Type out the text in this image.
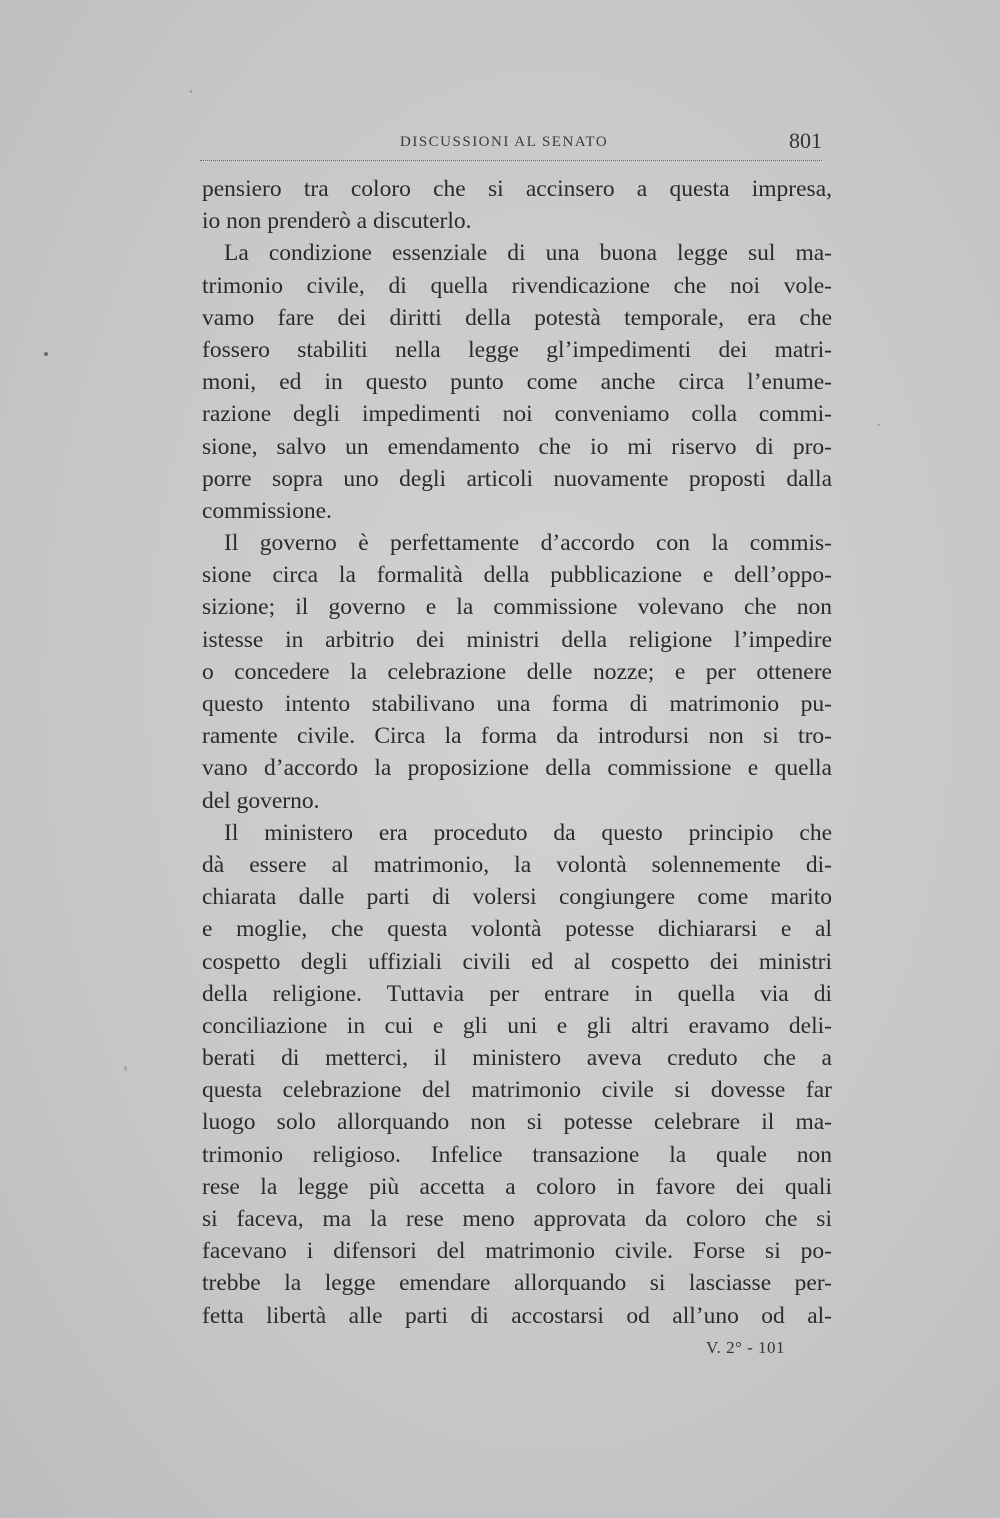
DISCUSSIONI AL SENATO	801
pensiero tra coloro che si accinsero a questa impresa,
io non prenderò a discuterlo.
La condizione essenziale di una buona legge sul ma-
trimonio civile, di quella rivendicazione che noi vole-
vamo fare dei diritti della potestà temporale, era che
fossero stabiliti nella legge gl’impedimenti dei matri-
moni, ed in questo punto come anche circa l’enume-
razione degli impedimenti noi conveniamo colla commi-
sione, salvo un emendamento che io mi riservo di pro-
porre sopra uno degli articoli nuovamente proposti dalla
commissione.
Il governo è perfettamente d’accordo con la commis-
sione circa la formalità della pubblicazione e dell’oppo-
sizione; il governo e la commissione volevano che non
istesse in arbitrio dei ministri della religione l’impedire
o concedere la celebrazione delle nozze; e per ottenere
questo intento stabilivano una forma di matrimonio pu-
ramente civile. Circa la forma da introdursi non si tro-
vano d’accordo la proposizione della commissione e quella
del governo.
Il ministero era proceduto da questo principio che
dà essere al matrimonio, la volontà solennemente di-
chiarata dalle parti di volersi congiungere come marito
e moglie, che questa volontà potesse dichiararsi e al
cospetto degli uffiziali civili ed al cospetto dei ministri
della religione. Tuttavia per entrare in quella via di
conciliazione in cui e gli uni e gli altri eravamo deli-
berati di metterci, il ministero aveva creduto che a
questa celebrazione del matrimonio civile si dovesse far
luogo solo allorquando non si potesse celebrare il ma-
trimonio religioso. Infelice transazione la quale non
rese la legge più accetta a coloro in favore dei quali
si faceva, ma la rese meno approvata da coloro che si
facevano i difensori del matrimonio civile. Forse si po-
trebbe la legge emendare allorquando si lasciasse per-
fetta libertà alle parti di accostarsi od all’uno od al-
V. 2° - 101
